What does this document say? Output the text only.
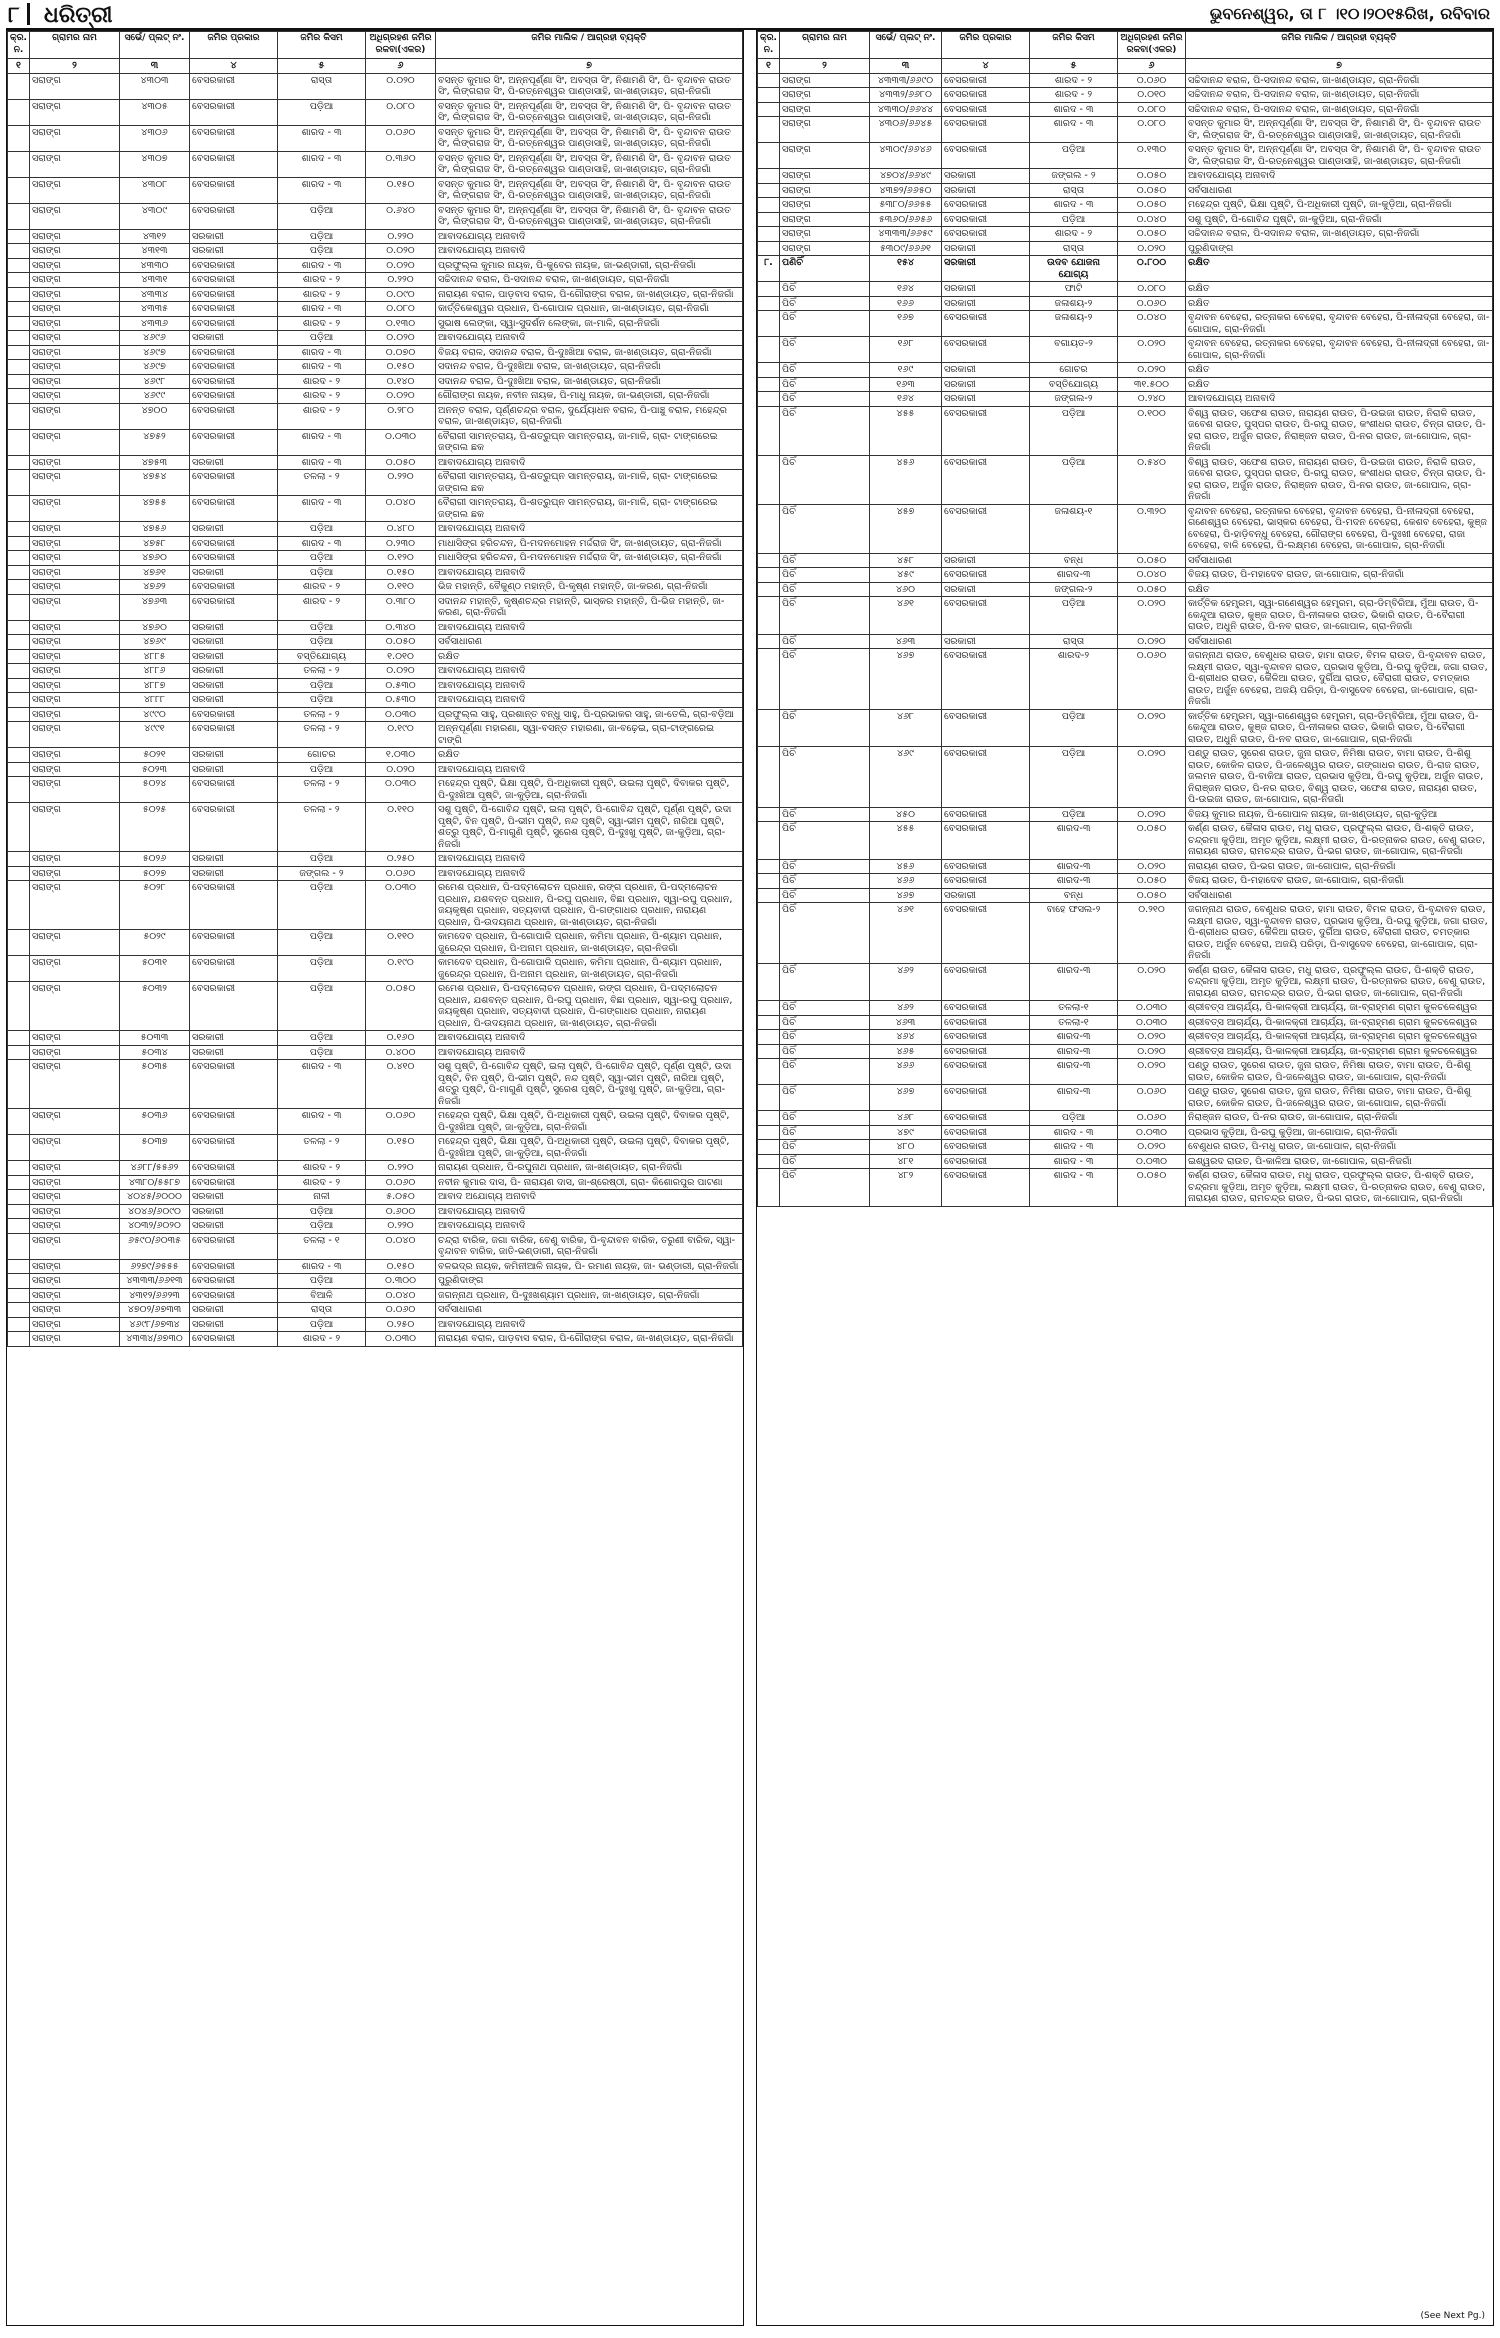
୮ ଧରିତ୍ରୀ	ଭୁବନେଶ୍ୱର, ତା ୮ ।୧୦।୨୦୧୫ରିଖ, ରବିବାର
କ୍ର. ନ.	ଗ୍ରାମର ନାମ	ସର୍ଭେ/ ପ୍ଲଟ୍ ନଂ.	ଜମିର ପ୍ରକାର	ଜମିର କିସମ	ଅଧିଗ୍ରହଣ ଜମିର ରକବା(ଏକର)	ଜମିର ମାଲିକ / ଆଗ୍ରହୀ ବ୍ୟକ୍ତି
୧	୨	୩	୪	୫	୬	୭
	ସରାଙ୍ଗ	୪୩୦୩	ବେସରକାରୀ	ରାସ୍ତା	୦.୦୨୦	ବସନ୍ତ କୁମାର ସିଂ, ଅନ୍ନପୂର୍ଣ୍ଣା ସିଂ, ଅବସ୍ତା ସିଂ, ନିଶାମଣି ସିଂ, ପି- ବୃନ୍ଦାବନ ରାଉତ ସିଂ, ଲିଙ୍ଗରାଜ ସିଂ, ପି-ରତ୍ନେଶ୍ୱର ପାଣ୍ଡାସାହି, ଜା-ଖଣ୍ଡାୟତ, ଗ୍ରା-ନିଜଗାଁ
	ସରାଙ୍ଗ	୪୩୦୫	ବେସରକାରୀ	ପଡ଼ିଆ	୦.୦୮୦	ବସନ୍ତ କୁମାର ସିଂ, ଅନ୍ନପୂର୍ଣ୍ଣା ସିଂ, ଅବସ୍ତା ସିଂ, ନିଶାମଣି ସିଂ, ପି- ବୃନ୍ଦାବନ ରାଉତ ସିଂ, ଲିଙ୍ଗରାଜ ସିଂ, ପି-ରତ୍ନେଶ୍ୱର ପାଣ୍ଡାସାହି, ଜା-ଖଣ୍ଡାୟତ, ଗ୍ରା-ନିଜଗାଁ
	ସରାଙ୍ଗ	୪୩୦୬	ବେସରକାରୀ	ଶାରଦ - ୩	୦.୦୬୦	ବସନ୍ତ କୁମାର ସିଂ, ଅନ୍ନପୂର୍ଣ୍ଣା ସିଂ, ଅବସ୍ତା ସିଂ, ନିଶାମଣି ସିଂ, ପି- ବୃନ୍ଦାବନ ରାଉତ ସିଂ, ଲିଙ୍ଗରାଜ ସିଂ, ପି-ରତ୍ନେଶ୍ୱର ପାଣ୍ଡାସାହି, ଜା-ଖଣ୍ଡାୟତ, ଗ୍ରା-ନିଜଗାଁ
	ସରାଙ୍ଗ	୪୩୦୭	ବେସରକାରୀ	ଶାରଦ - ୩	୦.୩୬୦	ବସନ୍ତ କୁମାର ସିଂ, ଅନ୍ନପୂର୍ଣ୍ଣା ସିଂ, ଅବସ୍ତା ସିଂ, ନିଶାମଣି ସିଂ, ପି- ବୃନ୍ଦାବନ ରାଉତ ସିଂ, ଲିଙ୍ଗରାଜ ସିଂ, ପି-ରତ୍ନେଶ୍ୱର ପାଣ୍ଡାସାହି, ଜା-ଖଣ୍ଡାୟତ, ଗ୍ରା-ନିଜଗାଁ
	ସରାଙ୍ଗ	୪୩୦୮	ବେସରକାରୀ	ଶାରଦ - ୩	୦.୧୫୦	ବସନ୍ତ କୁମାର ସିଂ, ଅନ୍ନପୂର୍ଣ୍ଣା ସିଂ, ଅବସ୍ତା ସିଂ, ନିଶାମଣି ସିଂ, ପି- ବୃନ୍ଦାବନ ରାଉତ ସିଂ, ଲିଙ୍ଗରାଜ ସିଂ, ପି-ରତ୍ନେଶ୍ୱର ପାଣ୍ଡାସାହି, ଜା-ଖଣ୍ଡାୟତ, ଗ୍ରା-ନିଜଗାଁ
	ସରାଙ୍ଗ	୪୩୦୯	ବେସରକାରୀ	ପଡ଼ିଆ	୦.୬୪୦	ବସନ୍ତ କୁମାର ସିଂ, ଅନ୍ନପୂର୍ଣ୍ଣା ସିଂ, ଅବସ୍ତା ସିଂ, ନିଶାମଣି ସିଂ, ପି- ବୃନ୍ଦାବନ ରାଉତ ସିଂ, ଲିଙ୍ଗରାଜ ସିଂ, ପି-ରତ୍ନେଶ୍ୱର ପାଣ୍ଡାସାହି, ଜା-ଖଣ୍ଡାୟତ, ଗ୍ରା-ନିଜଗାଁ
	ସରାଙ୍ଗ	୪୩୧୨	ସରକାରୀ	ପଡ଼ିଆ	୦.୨୨୦	ଆବାଦଯୋଗ୍ୟ ଅନାବାଦି
	ସରାଙ୍ଗ	୪୩୧୩	ସରକାରୀ	ପଡ଼ିଆ	୦.୦୨୦	ଆବାଦଯୋଗ୍ୟ ଅନାବାଦି
	ସରାଙ୍ଗ	୪୩୩୦	ବେସରକାରୀ	ଶାରଦ - ୩	୦.୦୨୦	ପ୍ରଫୁଲ୍ଲ କୁମାର ନାୟକ, ପି-କୁବେର ନାୟକ, ଜା-ଭଣ୍ଡାରୀ, ଗ୍ରା-ନିଜଗାଁ
	ସରାଙ୍ଗ	୪୩୩୧	ବେସରକାରୀ	ଶାରଦ - ୨	୦.୨୨୦	ସଚ୍ଚିଦାନନ୍ଦ ବରାଳ, ପି-ସଦାନନ୍ଦ ବରାଳ, ଜା-ଖଣ୍ଡାୟତ, ଗ୍ରା-ନିଜଗାଁ
	ସରାଙ୍ଗ	୪୩୩୪	ବେସରକାରୀ	ଶାରଦ - ୨	୦.୦୯୦	ନାରାୟଣ ବରାଳ, ପାଡ଼ବାସ ବରାଳ, ପି-ଗୌରାଙ୍ଗ ବରାଳ, ଜା-ଖଣ୍ଡାୟତ, ଗ୍ରା-ନିଜଗାଁ
	ସରାଙ୍ଗ	୪୩୩୫	ବେସରକାରୀ	ଶାରଦ - ୩	୦.୦୮୦	କାର୍ତ୍ତିକେଶ୍ୱର ପ୍ରଧାନ, ପି-ଗୋପାଳ ପ୍ରଧାନ, ଜା-ଖଣ୍ଡାୟତ, ଗ୍ରା-ନିଜଗାଁ
	ସରାଙ୍ଗ	୪୩୩୬	ବେସରକାରୀ	ଶାରଦ - ୨	୦.୧୩୦	ସୁଭାଷ ଲେଙ୍କା, ସ୍ୱା-ସୁଦର୍ଶନ ଲେଙ୍କା, ଜା-ମାଳି, ଗ୍ରା-ନିଜଗାଁ
	ସରାଙ୍ଗ	୪୬୯୬	ସରକାରୀ	ପଡ଼ିଆ	୦.୦୨୦	ଆବାଦଯୋଗ୍ୟ ଅନାବାଦି
	ସରାଙ୍ଗ	୪୬୯୭	ବେସରକାରୀ	ଶାରଦ - ୩	୦.୦୭୦	ବିଜୟ ବରାଳ, ସଦାନନ୍ଦ ବରାଳ, ପି-ଦୁଃଖିଆ ବରାଳ, ଜା-ଖଣ୍ଡାୟତ, ଗ୍ରା-ନିଜଗାଁ
	ସରାଙ୍ଗ	୪୬୯୭	ବେସରକାରୀ	ଶାରଦ - ୩	୦.୧୫୦	ସଦାନନ୍ଦ ବରାଳ, ପି-ଦୁଃଖିଆ ବରାଳ, ଜା-ଖଣ୍ଡାୟତ, ଗ୍ରା-ନିଜଗାଁ
	ସରାଙ୍ଗ	୪୬୯୮	ବେସରକାରୀ	ଶାରଦ - ୨	୦.୧୪୦	ସଦାନନ୍ଦ ବରାଳ, ପି-ଦୁଃଖିଆ ବରାଳ, ଜା-ଖଣ୍ଡାୟତ, ଗ୍ରା-ନିଜଗାଁ
	ସରାଙ୍ଗ	୪୬୯୯	ବେସରକାରୀ	ଶାରଦ - ୨	୦.୦୨୦	ଗୌରାଙ୍ଗ ନାୟକ, ନବୀନ ନାୟକ, ପି-ମାଧୁ ନାୟକ, ଜା-ଭଣ୍ଡାରୀ, ଗ୍ରା-ନିଜଗାଁ
	ସରାଙ୍ଗ	୪୭୦୦	ବେସରକାରୀ	ଶାରଦ - ୨	୦.୨୮୦	ଅନନ୍ତ ବରାଳ, ପୂର୍ଣ୍ଣଚନ୍ଦ୍ର ବରାଳ, ଦୁର୍ଯ୍ୟୋଧନ ବରାଳ, ପି-ପାଞ୍ଚୁ ବରାଳ, ମହେନ୍ଦ୍ର ବରାଳ, ଜା-ଖଣ୍ଡାୟତ, ଗ୍ରା-ନିଜଗାଁ
	ସରାଙ୍ଗ	୪୭୫୨	ବେସରକାରୀ	ଶାରଦ - ୩	୦.୦୩୦	ବୈରାଗୀ ସାମନ୍ତରାୟ, ପି-ଶତ୍ରୁଘ୍ନ ସାମନ୍ତରାୟ, ଜା-ମାଳି, ଗ୍ରା- ଟାଙ୍ଗରେଇ ଜଙ୍ଗଲ ଛକ
	ସରାଙ୍ଗ	୪୭୫୩	ସରକାରୀ	ଶାରଦ - ୩	୦.୦୫୦	ଆବାଦଯୋଗ୍ୟ ଅନାବାଦି
	ସରାଙ୍ଗ	୪୭୫୪	ବେସରକାରୀ	ତଳଲା - ୨	୦.୨୨୦	ବୈରାଗୀ ସାମନ୍ତରାୟ, ପି-ଶତ୍ରୁଘ୍ନ ସାମନ୍ତରାୟ, ଜା-ମାଳି, ଗ୍ରା- ଟାଙ୍ଗରେଇ ଜଙ୍ଗଲ ଛକ
	ସରାଙ୍ଗ	୪୭୫୫	ବେସରକାରୀ	ଶାରଦ - ୩	୦.୦୪୦	ବୈରାଗୀ ସାମନ୍ତରାୟ, ପି-ଶତ୍ରୁଘ୍ନ ସାମନ୍ତରାୟ, ଜା-ମାଳି, ଗ୍ରା- ଟାଙ୍ଗରେଇ ଜଙ୍ଗଲ ଛକ
	ସରାଙ୍ଗ	୪୭୫୬	ସରକାରୀ	ପଡ଼ିଆ	୦.୪୮୦	ଆବାଦଯୋଗ୍ୟ ଅନାବାଦି
	ସରାଙ୍ଗ	୪୭୫୮	ବେସରକାରୀ	ଶାରଦ - ୩	୦.୨୩୦	ମାଧାସିଙ୍ଗ ହରିଚନ୍ଦନ, ପି-ମଦନମୋହନ ମର୍ଦ୍ଦରାଜ ସିଂ, ଜା-ଖଣ୍ଡାୟତ, ଗ୍ରା-ନିଜଗାଁ
	ସରାଙ୍ଗ	୪୭୬୦	ବେସରକାରୀ	ପଡ଼ିଆ	୦.୧୨୦	ମାଧାସିଙ୍ଗ ହରିଚନ୍ଦନ, ପି-ମଦନମୋହନ ମର୍ଦ୍ଦରାଜ ସିଂ, ଜା-ଖଣ୍ଡାୟତ, ଗ୍ରା-ନିଜଗାଁ
	ସରାଙ୍ଗ	୪୭୬୧	ସରକାରୀ	ପଡ଼ିଆ	୦.୧୫୦	ଆବାଦଯୋଗ୍ୟ ଅନାବାଦି
	ସରାଙ୍ଗ	୪୭୬୨	ବେସରକାରୀ	ଶାରଦ - ୨	୦.୧୧୦	ଭିଜ ମହାନ୍ତି, ବୈକୁଣ୍ଠ ମହାନ୍ତି, ପି-କୃଷ୍ଣ ମହାନ୍ତି, ଜା-କରଣ, ଗ୍ରା-ନିଜଗାଁ
	ସରାଙ୍ଗ	୪୭୬୩	ବେସରକାରୀ	ଶାରଦ - ୨	୦.୩୮୦	ସଦାନନ୍ଦ ମହାନ୍ତି, କୃଷ୍ଣଚନ୍ଦ୍ର ମହାନ୍ତି, ଭାସ୍କର ମହାନ୍ତି, ପି-ଭିଜ ମହାନ୍ତି, ଜା-କରଣ, ଗ୍ରା-ନିଜଗାଁ
	ସରାଙ୍ଗ	୪୭୬୦	ସରକାରୀ	ପଡ଼ିଆ	୦.୩୪୦	ଆବାଦଯୋଗ୍ୟ ଅନାବାଦି
	ସରାଙ୍ଗ	୪୭୬୯	ସରକାରୀ	ପଡ଼ିଆ	୦.୦୫୦	ସର୍ବସାଧାରଣ
	ସରାଙ୍ଗ	୪୮୮୫	ସରକାରୀ	ବସ୍ତିଯୋଗ୍ୟ	୧.୦୧୦	ରକ୍ଷିତ
	ସରାଙ୍ଗ	୪୮୮୬	ସରକାରୀ	ତଳଲା - ୨	୦.୦୨୦	ଆବାଦଯୋଗ୍ୟ ଅନାବାଦି
	ସରାଙ୍ଗ	୪୮୮୭	ସରକାରୀ	ପଡ଼ିଆ	୦.୫୩୦	ଆବାଦଯୋଗ୍ୟ ଅନାବାଦି
	ସରାଙ୍ଗ	୪୮୮୮	ସରକାରୀ	ପଡ଼ିଆ	୦.୫୩୦	ଆବାଦଯୋଗ୍ୟ ଅନାବାଦି
	ସରାଙ୍ଗ	୪୯୯୦	ବେସରକାରୀ	ତଳଲା - ୨	୦.୦୩୦	ପ୍ରଫୁଲ୍ଲ ସାହୁ, ପ୍ରଶାନ୍ତ ବନ୍ଧୁ ସାହୁ, ପି-ପ୍ରଭାକର ସାହୁ, ଜା-ତେଲି, ଗ୍ରା-ବଡ଼ିଆ
	ସରାଙ୍ଗ	୪୯୯୧	ବେସରକାରୀ	ତଳଲା - ୨	୦.୧୯୦	ଅନ୍ନପୂର୍ଣ୍ଣା ମହାରଣା, ସ୍ୱା-ବସନ୍ତ ମହାରଣା, ଜା-ବଢ଼େଇ, ଗ୍ରା-ଟାଙ୍ଗରେଇ ଟାଙ୍ଗି
	ସରାଙ୍ଗ	୫୦୨୧	ସରକାରୀ	ଗୋଚର	୧.୦୩୦	ରକ୍ଷିତ
	ସରାଙ୍ଗ	୫୦୨୩	ସରକାରୀ	ପଡ଼ିଆ	୦.୦୨୦	ଆବାଦଯୋଗ୍ୟ ଅନାବାଦି
	ସରାଙ୍ଗ	୫୦୨୪	ବେସରକାରୀ	ତଳଲା - ୨	୦.୦୩୦	ମହେନ୍ଦ୍ର ପୃଷ୍ଟି, ଭିକ୍ଷା ପୃଷ୍ଟି, ପି-ଅଧିକାରୀ ପୃଷ୍ଟି, ଉଇଲା ପୃଷ୍ଟି, ଦିବାକର ପୃଷ୍ଟି, ପି-ଦୁଃଖିଆ ପୃଷ୍ଟି, ଜା-କୁଡ଼ିଆ, ଗ୍ରା-ନିଜଗାଁ
	ସରାଙ୍ଗ	୫୦୨୫	ବେସରକାରୀ	ତଳଲା - ୨	୦.୧୧୦	ସଶୁ ପୃଷ୍ଟି, ପି-ଗୋବିନ୍ଦ ପୃଷ୍ଟି, ଇଲା ପୃଷ୍ଟି, ପି-ଗୋବିନ୍ଦ ପୃଷ୍ଟି, ପୂର୍ଣ୍ଣ ପୃଷ୍ଟି, ଉଦା ପୃଷ୍ଟି, ବିନ ପୃଷ୍ଟି, ପି-ଭୀମ ପୃଷ୍ଟି, ନନ୍ଦ ପୃଷ୍ଟି, ସ୍ୱା-ଭୀମ ପୃଷ୍ଟି, ନାରିଆ ପୃଷ୍ଟି, ଶତ୍ରୁ ପୃଷ୍ଟି, ପି-ମାଗୁଣି ପୃଷ୍ଟି, ସୁରେଶ ପୃଷ୍ଟି, ପି-ଦୁଃଖୁ ପୃଷ୍ଟି, ଜା-କୁଡ଼ିଆ, ଗ୍ରା-ନିଜଗାଁ
	ସରାଙ୍ଗ	୫୦୨୬	ସରକାରୀ	ପଡ଼ିଆ	୦.୨୫୦	ଆବାଦଯୋଗ୍ୟ ଅନାବାଦି
	ସରାଙ୍ଗ	୫୦୨୭	ସରକାରୀ	ଜଙ୍ଗଲ - ୨	୦.୦୬୦	ଆବାଦଯୋଗ୍ୟ ଅନାବାଦି
	ସରାଙ୍ଗ	୫୦୨୮	ବେସରକାରୀ	ପଡ଼ିଆ	୦.୦୩୦	ରମେଶ ପ୍ରଧାନ, ପି-ପଦ୍ମଲୋଚନ ପ୍ରଧାନ, ରଙ୍ଗ ପ୍ରଧାନ, ପି-ପଦ୍ମଲୋଚନ ପ୍ରଧାନ, ଯଶବନ୍ତ ପ୍ରଧାନ, ପି-ରଘୁ ପ୍ରଧାନ, ବିଛା ପ୍ରଧାନ, ସ୍ୱା-ରଘୁ ପ୍ରଧାନ, ଜୟକୃଷ୍ଣ ପ୍ରଧାନ, ସତ୍ୟବାଦୀ ପ୍ରଧାନ, ପି-ଗଙ୍ଗାଧର ପ୍ରଧାନ, ନାରାୟଣ ପ୍ରଧାନ, ପି-ଉଦୟନାଥ ପ୍ରଧାନ, ଜା-ଖଣ୍ଡାୟତ, ଗ୍ରା-ନିଜଗାଁ
	ସରାଙ୍ଗ	୫୦୨୯	ବେସରକାରୀ	ପଡ଼ିଆ	୦.୧୧୦	କାମଦେବ ପ୍ରଧାନ, ପି-ଗୋପାଳି ପ୍ରଧାନ, କମିମା ପ୍ରଧାନ, ପି-ଶ୍ୟାମ ପ୍ରଧାନ, ଜୁରେନ୍ଦ୍ର ପ୍ରଧାନ, ପି-ଅନାମ ପ୍ରଧାନ, ଜା-ଖଣ୍ଡାୟତ, ଗ୍ରା-ନିଜଗାଁ
	ସରାଙ୍ଗ	୫୦୩୧	ବେସରକାରୀ	ପଡ଼ିଆ	୦.୧୯୦	କାମଦେବ ପ୍ରଧାନ, ପି-ଗୋପାଳି ପ୍ରଧାନ, କମିମା ପ୍ରଧାନ, ପି-ଶ୍ୟାମ ପ୍ରଧାନ, ଜୁରେନ୍ଦ୍ର ପ୍ରଧାନ, ପି-ଅନାମ ପ୍ରଧାନ, ଜା-ଖଣ୍ଡାୟତ, ଗ୍ରା-ନିଜଗାଁ
	ସରାଙ୍ଗ	୫୦୩୨	ବେସରକାରୀ	ପଡ଼ିଆ	୦.୦୫୦	ରମେଶ ପ୍ରଧାନ, ପି-ପଦ୍ମଲୋଚନ ପ୍ରଧାନ, ରଙ୍ଗ ପ୍ରଧାନ, ପି-ପଦ୍ମଲୋଚନ ପ୍ରଧାନ, ଯଶବନ୍ତ ପ୍ରଧାନ, ପି-ରଘୁ ପ୍ରଧାନ, ବିଛା ପ୍ରଧାନ, ସ୍ୱା-ରଘୁ ପ୍ରଧାନ, ଜୟକୃଷ୍ଣ ପ୍ରଧାନ, ସତ୍ୟବାଦୀ ପ୍ରଧାନ, ପି-ଗଙ୍ଗାଧର ପ୍ରଧାନ, ନାରାୟଣ ପ୍ରଧାନ, ପି-ଉଦୟନାଥ ପ୍ରଧାନ, ଜା-ଖଣ୍ଡାୟତ, ଗ୍ରା-ନିଜଗାଁ
	ସରାଙ୍ଗ	୫୦୩୩	ସରକାରୀ	ପଡ଼ିଆ	୦.୧୬୦	ଆବାଦଯୋଗ୍ୟ ଅନାବାଦି
	ସରାଙ୍ଗ	୫୦୩୪	ସରକାରୀ	ପଡ଼ିଆ	୦.୪୦୦	ଆବାଦଯୋଗ୍ୟ ଅନାବାଦି
	ସରାଙ୍ଗ	୫୦୩୫	ବେସରକାରୀ	ଶାରଦ - ୩	୦.୪୧୦	ସଶୁ ପୃଷ୍ଟି, ପି-ଗୋବିନ୍ଦ ପୃଷ୍ଟି, ଇଲା ପୃଷ୍ଟି, ପି-ଗୋବିନ୍ଦ ପୃଷ୍ଟି, ପୂର୍ଣ୍ଣ ପୃଷ୍ଟି, ଉଦା ପୃଷ୍ଟି, ବିନ ପୃଷ୍ଟି, ପି-ଭୀମ ପୃଷ୍ଟି, ନନ୍ଦ ପୃଷ୍ଟି, ସ୍ୱା-ଭୀମ ପୃଷ୍ଟି, ନାରିଆ ପୃଷ୍ଟି, ଶତ୍ରୁ ପୃଷ୍ଟି, ପି-ମାଗୁଣି ପୃଷ୍ଟି, ସୁରେଶ ପୃଷ୍ଟି, ପି-ଦୁଃଖୁ ପୃଷ୍ଟି, ଜା-କୁଡ଼ିଆ, ଗ୍ରା-ନିଜଗାଁ
	ସରାଙ୍ଗ	୫୦୩୬	ବେସରକାରୀ	ଶାରଦ - ୩	୦.୦୬୦	ମହେନ୍ଦ୍ର ପୃଷ୍ଟି, ଭିକ୍ଷା ପୃଷ୍ଟି, ପି-ଅଧିକାରୀ ପୃଷ୍ଟି, ଉଇଲା ପୃଷ୍ଟି, ଦିବାକର ପୃଷ୍ଟି, ପି-ଦୁଃଖିଆ ପୃଷ୍ଟି, ଜା-କୁଡ଼ିଆ, ଗ୍ରା-ନିଜଗାଁ
	ସରାଙ୍ଗ	୫୦୩୭	ବେସରକାରୀ	ତଳଲା - ୨	୦.୧୫୦	ମହେନ୍ଦ୍ର ପୃଷ୍ଟି, ଭିକ୍ଷା ପୃଷ୍ଟି, ପି-ଅଧିକାରୀ ପୃଷ୍ଟି, ଉଇଲା ପୃଷ୍ଟି, ଦିବାକର ପୃଷ୍ଟି, ପି-ଦୁଃଖିଆ ପୃଷ୍ଟି, ଜା-କୁଡ଼ିଆ, ଗ୍ରା-ନିଜଗାଁ
	ସରାଙ୍ଗ	୪୬୮୮/୫୫୬୨	ବେସରକାରୀ	ଶାରଦ - ୨	୦.୨୨୦	ନାରାୟଣ ପ୍ରଧାନ, ପି-ରଘୁନାଥ ପ୍ରଧାନ, ଜା-ଖଣ୍ଡାୟତ, ଗ୍ରା-ନିଜଗାଁ
	ସରାଙ୍ଗ	୪୩୮୦/୫୫୮୭	ବେସରକାରୀ	ଶାରଦ - ୨	୦.୦୬୦	ନବୀନ କୁମାର ଦାସ, ପି- ନାରାୟଣ ଦାସ, ଜା-ଶ୍ରେଷ୍ଠୀ, ଗ୍ରା- କିଶୋରପୁର ପାଟଣା
	ସରାଙ୍ଗ	୪୦୪୫/୬୦୦୦	ସରକାରୀ	ନାଳୀ	୫.୦୫୦	ଆବାଦ ଅଯୋଗ୍ୟ ଅନାବାଦି
	ସରାଙ୍ଗ	୪୦୪୬/୬୦୯୦	ସରକାରୀ	ପଡ଼ିଆ	୦.୬୦୦	ଆବାଦଯୋଗ୍ୟ ଅନାବାଦି
	ସରାଙ୍ଗ	୪୦୩୨/୬୦୨୦	ସରକାରୀ	ପଡ଼ିଆ	୦.୨୨୦	ଆବାଦଯୋଗ୍ୟ ଅନାବାଦି
	ସରାଙ୍ଗ	୬୫୯୦/୬୦୩୫	ବେସରକାରୀ	ତଳଲା - ୧	୦.୦୪୦	ଚନ୍ଦ୍ରା ବାରିକ, ଜଗା ବାରିକ, ବେଣୁ ବାରିକ, ପି-ବୃନ୍ଦାବନ ବାରିକ, ତରୁଣୀ ବାରିକ, ସ୍ୱା-ବୃନ୍ଦାବନ ବାରିକ, ଜାତି-ଭଣ୍ଡାରୀ, ଗ୍ରା-ନିଜଗାଁ
	ସରାଙ୍ଗ	୬୨୭୯/୬୫୫୫	ବେସରକାରୀ	ଶାରଦ - ୩	୦.୧୫୦	ବଳଭଦ୍ର ନାୟକ, କମିନୀଆଳି ନାୟକ, ପି- ରମାଣ ନାୟକ, ଜା- ଭଣ୍ଡାରୀ, ଗ୍ରା-ନିଜଗାଁ
	ସରାଙ୍ଗ	୪୩୩୩/୬୬୧୩	ବେସରକାରୀ	ପଡ଼ିଆ	୦.୩୦୦	ପୁରୁଣିଦାଙ୍ଗ
	ସରାଙ୍ଗ	୪୩୧୨/୬୬୨୩	ବେସରକାରୀ	ବିଆଳି	୦.୦୪୦	ଜଗନ୍ନାଥ ପ୍ରଧାନ, ପି-ଦୁଃଖଶ୍ୟାମ ପ୍ରଧାନ, ଜା-ଖଣ୍ଡାୟତ, ଗ୍ରା-ନିଜଗାଁ
	ସରାଙ୍ଗ	୪୭୦୨/୬୭୩୩	ସରକାରୀ	ରାସ୍ତା	୦.୦୬୦	ସର୍ବସାଧାରଣ
	ସରାଙ୍ଗ	୪୬୯୮/୬୭୩୪	ସରକାରୀ	ପଡ଼ିଆ	୦.୨୫୦	ଆବାଦଯୋଗ୍ୟ ଅନାବାଦି
	ସରାଙ୍ଗ	୪୩୩୪/୬୭୩୦	ବେସରକାରୀ	ଶାରଦ - ୨	୦.୦୩୦	ନାରାୟଣ ବରାଳ, ପାଡ଼ବାସ ବରାଳ, ପି-ଗୌରାଙ୍ଗ ବରାଳ, ଜା-ଖଣ୍ଡାୟତ, ଗ୍ରା-ନିଜଗାଁ
କ୍ର. ନ.	ଗ୍ରାମର ନାମ	ସର୍ଭେ/ ପ୍ଲଟ୍ ନଂ.	ଜମିର ପ୍ରକାର	ଜମିର କିସମ	ଅଧିଗ୍ରହଣ ଜମିର ରକବା(ଏକର)	ଜମିର ମାଲିକ / ଆଗ୍ରହୀ ବ୍ୟକ୍ତି
୧	୨	୩	୪	୫	୬	୭
	ସରାଙ୍ଗ	୪୩୩୩/୬୬୯୦	ବେସରକାରୀ	ଶାରଦ - ୨	୦.୦୬୦	ସଚ୍ଚିଦାନନ୍ଦ ବରାଳ, ପି-ସଦାନନ୍ଦ ବରାଳ, ଜା-ଖଣ୍ଡାୟତ, ଗ୍ରା-ନିଜଗାଁ
	ସରାଙ୍ଗ	୪୩୩୨/୬୬୮୦	ବେସରକାରୀ	ଶାରଦ - ୨	୦.୦୧୦	ସଚ୍ଚିଦାନନ୍ଦ ବରାଳ, ପି-ସଦାନନ୍ଦ ବରାଳ, ଜା-ଖଣ୍ଡାୟତ, ଗ୍ରା-ନିଜଗାଁ
	ସରାଙ୍ଗ	୪୩୩୦/୬୬୪୪	ବେସରକାରୀ	ଶାରଦ - ୩	୦.୦୮୦	ସଚ୍ଚିଦାନନ୍ଦ ବରାଳ, ପି-ସଦାନନ୍ଦ ବରାଳ, ଜା-ଖଣ୍ଡାୟତ, ଗ୍ରା-ନିଜଗାଁ
	ସରାଙ୍ଗ	୪୩୦୬/୬୬୪୫	ବେସରକାରୀ	ଶାରଦ - ୩	୦.୦୮୦	ବସନ୍ତ କୁମାର ସିଂ, ଅନ୍ନପୂର୍ଣ୍ଣା ସିଂ, ଅବସ୍ତା ସିଂ, ନିଶାମଣି ସିଂ, ପି- ବୃନ୍ଦାବନ ରାଉତ ସିଂ, ଲିଙ୍ଗରାଜ ସିଂ, ପି-ରତ୍ନେଶ୍ୱର ପାଣ୍ଡାସାହି, ଜା-ଖଣ୍ଡାୟତ, ଗ୍ରା-ନିଜଗାଁ
	ସରାଙ୍ଗ	୪୩୦୯/୬୬୪୬	ବେସରକାରୀ	ପଡ଼ିଆ	୦.୧୩୦	ବସନ୍ତ କୁମାର ସିଂ, ଅନ୍ନପୂର୍ଣ୍ଣା ସିଂ, ଅବସ୍ତା ସିଂ, ନିଶାମଣି ସିଂ, ପି- ବୃନ୍ଦାବନ ରାଉତ ସିଂ, ଲିଙ୍ଗରାଜ ସିଂ, ପି-ରତ୍ନେଶ୍ୱର ପାଣ୍ଡାସାହି, ଜା-ଖଣ୍ଡାୟତ, ଗ୍ରା-ନିଜଗାଁ
	ସରାଙ୍ଗ	୪୭୦୪/୬୬୪୯	ସରକାରୀ	ଜଙ୍ଗଲ - ୨	୦.୦୫୦	ଆବାଦଯୋଗ୍ୟ ଅନାବାଦି
	ସରାଙ୍ଗ	୪୩୭୨/୬୬୫୦	ସରକାରୀ	ରାସ୍ତା	୦.୦୫୦	ସର୍ବସାଧାରଣ
	ସରାଙ୍ଗ	୫୩୮୦/୬୬୫୫	ବେସରକାରୀ	ଶାରଦ - ୩	୦.୦୫୦	ମହେନ୍ଦ୍ର ପୃଷ୍ଟି, ଭିକ୍ଷା ପୃଷ୍ଟି, ପି-ଅଧିକାରୀ ପୃଷ୍ଟି, ଜା-କୁଡ଼ିଆ, ଗ୍ରା-ନିଜଗାଁ
	ସରାଙ୍ଗ	୫୩୬୦/୬୬୫୬	ବେସରକାରୀ	ପଡ଼ିଆ	୦.୦୪୦	ସଶୁ ପୃଷ୍ଟି, ପି-ଗୋବିନ୍ଦ ପୃଷ୍ଟି, ଜା-କୁଡ଼ିଆ, ଗ୍ରା-ନିଜଗାଁ
	ସରାଙ୍ଗ	୪୩୩୩/୬୬୫୯	ବେସରକାରୀ	ଶାରଦ - ୨	୦.୦୫୦	ସଚ୍ଚିଦାନନ୍ଦ ବରାଳ, ପି-ସଦାନନ୍ଦ ବରାଳ, ଜା-ଖଣ୍ଡାୟତ, ଗ୍ରା-ନିଜଗାଁ
	ସରାଙ୍ଗ	୫୩୦୯/୬୬୬୧	ସରକାରୀ	ରାସ୍ତା	୦.୦୨୦	ପୁରୁଣିଦାଙ୍ଗ
୮.	ପଣିଚିଁ	୧୫୪	ସରକାରୀ	ଉଦବ ଯୋଜନା ଯୋଗ୍ୟ	୦.୮୦୦	ରକ୍ଷିତ
	ପିଚିଁ	୧୬୪	ସରକାରୀ	ଫାଟି	୦.୦୮୦	ରକ୍ଷିତ
	ପିଚିଁ	୧୬୬	ସରକାରୀ	ଜଳାଶୟ-୨	୦.୦୬୦	ରକ୍ଷିତ
	ପିଚିଁ	୧୬୭	ବେସରକାରୀ	ଜଳାଶୟ-୨	୦.୦୪୦	ବୃନ୍ଦାବନ ବେହେରା, ରତ୍ନାକର ବେହେରା, ବୃନ୍ଦାବନ ବେହେରା, ପି-ନୀଳାଦ୍ରୀ ବେହେରା, ଜା-ଗୋପାଳ, ଗ୍ରା-ନିଜଗାଁ
	ପିଚିଁ	୧୬୮	ବେସରକାରୀ	ବଗାୟତ-୨	୦.୦୨୦	ବୃନ୍ଦାବନ ବେହେରା, ରତ୍ନାକର ବେହେରା, ବୃନ୍ଦାବନ ବେହେରା, ପି-ନୀଳାଦ୍ରୀ ବେହେରା, ଜା-ଗୋପାଳ, ଗ୍ରା-ନିଜଗାଁ
	ପିଚିଁ	୧୬୯	ସରକାରୀ	ଗୋଚର	୦.୦୨୦	ରକ୍ଷିତ
	ପିଚିଁ	୧୬୩	ସରକାରୀ	ବସ୍ତିଯୋଗ୍ୟ	୩୧.୫୦୦	ରକ୍ଷିତ
	ପିଚିଁ	୧୬୪	ସରକାରୀ	ଜଙ୍ଗଲ-୨	୦.୨୪୦	ଆବାଦଯୋଗ୍ୟ ଅନାବାଦି
	ପିଚିଁ	୪୫୫	ବେସରକାରୀ	ପଡ଼ିଆ	୦.୧୦୦	ବିଶ୍ୱ ରାଉତ, ସଫେଶ ରାଉତ, ନାରାୟଣ ରାଉତ, ପି-ଉଇଜା ରାଉତ, ନିରାଳି ରାଉତ, ଜବେଶ ରାଉତ, ପୁସ୍ପର ରାଉତ, ପି-ରଘୁ ରାଉତ, କଂଶୀଧର ରାଉତ, ଚିନ୍ତା ରାଉତ, ପି-ହରା ରାଉତ, ଅର୍ଜୁନ ରାଉତ, ନିରାଞ୍ଜନ ରାଉତ, ପି-ନର ରାଉତ, ଜା-ଗୋପାଳ, ଗ୍ରା-ନିଜଗାଁ
	ପିଚିଁ	୪୫୬	ବେସରକାରୀ	ପଡ଼ିଆ	୦.୫୪୦	ବିଶ୍ୱ ରାଉତ, ସଫେଶ ରାଉତ, ନାରାୟଣ ରାଉତ, ପି-ଉଇଜା ରାଉତ, ନିରାଳି ରାଉତ, ଜବେଶ ରାଉତ, ପୁସ୍ପର ରାଉତ, ପି-ରଘୁ ରାଉତ, କଂଶୀଧର ରାଉତ, ଚିନ୍ତା ରାଉତ, ପି-ହରା ରାଉତ, ଅର୍ଜୁନ ରାଉତ, ନିରାଞ୍ଜନ ରାଉତ, ପି-ନର ରାଉତ, ଜା-ଗୋପାଳ, ଗ୍ରା-ନିଜଗାଁ
	ପିଚିଁ	୪୫୭	ବେସରକାରୀ	ଜଳାଶୟ-୧	୦.୩୨୦	ବୃନ୍ଦାବନ ବେହେରା, ରତ୍ନାକର ବେହେରା, ବୃନ୍ଦାବନ ବେହେରା, ପି-ନୀଳାଦ୍ରୀ ବେହେରା, ଗଣେଶ୍ୱର ବେହେରା, ଭାସ୍କର ବେହେରା, ପି-ମଦନ ବେହେରା, କେଶବ ବେହେରା, କୁଞ୍ଜ ବେହେରା, ପି-ହାଡ଼ିବନ୍ଧୁ ବେହେରା, ଗୌରାଙ୍ଗ ବେହେରା, ପି-ଦୁଃଖୀ ବେହେରା, ରାଜା ବେହେରା, ବାଳି ବେହେରା, ପି-ଲକ୍ଷ୍ମଣ ବେହେରା, ଜା-ଗୋପାଳ, ଗ୍ରା-ନିଜଗାଁ
	ପିଚିଁ	୪୫୮	ସରକାରୀ	ବନ୍ଧ	୦.୦୫୦	ସର୍ବସାଧାରଣ
	ପିଚିଁ	୪୫୯	ବେସରକାରୀ	ଶାରଦ-୩	୦.୦୪୦	ବିଜୟ ରାଉତ, ପି-ମହାଦେବ ରାଉତ, ଜା-ଗୋପାଳ, ଗ୍ରା-ନିଜଗାଁ
	ପିଚିଁ	୪୬୦	ସରକାରୀ	ଜଙ୍ଗଲ-୨	୦.୦୫୦	ରକ୍ଷିତ
	ପିଚିଁ	୪୬୧	ବେସରକାରୀ	ପଡ଼ିଆ	୦.୦୨୦	କାର୍ତ୍ତିକ ହେମ୍ବ୍ରମ, ସ୍ୱା-ଗଣେଶ୍ୱର ହେମ୍ବ୍ରମ, ଗ୍ରା-ଡିମ୍ବିରିଆ, ମୁଁଆ ରାଉତ, ପି-କେନ୍ଦୁଆ ରାଉତ, କୁଞ୍ଜ ରାଉତ, ପି-ନୀଳାକର ରାଉତ, ଭିକାରି ରାଉତ, ପି-ବୈରାଗୀ ରାଉତ, ଅଧୁନି ରାଉତ, ପି-ନବ ରାଉତ, ଜା-ଗୋପାଳ, ଗ୍ରା-ନିଜଗାଁ
	ପିଚିଁ	୪୬୩	ସରକାରୀ	ରାସ୍ତା	୦.୦୨୦	ସର୍ବସାଧାରଣ
	ପିଚିଁ	୪୬୭	ବେସରକାରୀ	ଶାରଦ-୨	୦.୦୬୦	ଜଗନ୍ନାଥ ରାଉତ, ବେଣୁଧର ରାଉତ, ହାମା ରାଉତ, ବିମଳ ରାଉତ, ପି-ବୃନ୍ଦାବନ ରାଉତ, ଲକ୍ଷ୍ମୀ ରାଉତ, ସ୍ୱା-ବୃନ୍ଦାବନ ରାଉତ, ପ୍ରଭାସ କୁଡ଼ିଆ, ପି-ରଘୁ କୁଡ଼ିଆ, ଜଗା ରାଉତ, ପି-ଶ୍ରୀଧର ରାଉତ, କୈଳିଆ ରାଉତ, ଦୁର୍ଗିଆ ରାଉତ, ବୈରାଗୀ ରାଉତ, ଚମତ୍କାର ରାଉତ, ଅର୍ଜୁନ ବେହେରା, ଅଜୟି ପରିଡ଼ା, ପି-ବାସୁଦେବ ବେହେରା, ଜା-ଗୋପାଳ, ଗ୍ରା-ନିଜଗାଁ
	ପିଚିଁ	୪୬୮	ବେସରକାରୀ	ପଡ଼ିଆ	୦.୦୨୦	କାର୍ତ୍ତିକ ହେମ୍ବ୍ରମ, ସ୍ୱା-ଗଣେଶ୍ୱର ହେମ୍ବ୍ରମ, ଗ୍ରା-ଡିମ୍ବିରିଆ, ମୁଁଆ ରାଉତ, ପି-କେନ୍ଦୁଆ ରାଉତ, କୁଞ୍ଜ ରାଉତ, ପି-ନୀଳାକର ରାଉତ, ଭିକାରି ରାଉତ, ପି-ବୈରାଗୀ ରାଉତ, ଅଧୁନି ରାଉତ, ପି-ନବ ରାଉତ, ଜା-ଗୋପାଳ, ଗ୍ରା-ନିଜଗାଁ
	ପିଚିଁ	୪୬୯	ବେସରକାରୀ	ପଡ଼ିଆ	୦.୦୨୦	ପଣ୍ଡୁ ରାଉତ, ସୁରେଶ ରାଉତ, ଜୁନା ରାଉତ, ନିମିଷା ରାଉତ, ବାମା ରାଉତ, ପି-ଶିଶୁ ରାଉତ, କୋକିଳ ରାଉତ, ପି-ଜଳେଶ୍ୱର ରାଉତ, ଗଙ୍ଗାଧର ରାଉତ, ପି-ରାଜ ରାଉତ, ଜଲମନ ରାଉତ, ପି-ବାକିଆ ରାଉତ, ପ୍ରଭାସ କୁଡ଼ିଆ, ପି-ରଘୁ କୁଡ଼ିଆ, ଅର୍ଜୁନ ରାଉତ, ନିରାଞ୍ଜନ ରାଉତ, ପି-ନର ରାଉତ, ବିଶ୍ୱ ରାଉତ, ସଫେଶ ରାଉତ, ନାରାୟଣ ରାଉତ, ପି-ଉଇଜା ରାଉତ, ଜା-ଗୋପାଳ, ଗ୍ରା-ନିଜଗାଁ
	ପିଚିଁ	୪୫୦	ବେସରକାରୀ	ପଡ଼ିଆ	୦.୦୨୦	ବିଜୟ କୁମାର ନାୟକ, ପି-ଗୋପାଳ ନାୟକ, ଜା-ଖଣ୍ଡାୟତ, ଗ୍ରା-କୁଡ଼ିଆ
	ପିଚିଁ	୪୫୫	ବେସରକାରୀ	ଶାରଦ-୩	୦.୦୫୦	କର୍ଣ୍ଣ ରାଉତ, କୈଳାସ ରାଉତ, ମଧୁ ରାଉତ, ପ୍ରଫୁଲ୍ଲ ରାଉତ, ପି-ଶକ୍ତି ରାଉତ, ଚନ୍ଦ୍ରମା କୁଡ଼ିଆ, ଅମୃତ କୁଡ଼ିଆ, ଲକ୍ଷ୍ମୀ ରାଉତ, ପି-ରତ୍ନାକର ରାଉତ, ବେଣୁ ରାଉତ, ନାରାୟଣ ରାଉତ, ରାମଚନ୍ଦ୍ର ରାଉତ, ପି-ଭଗ ରାଉତ, ଜା-ଗୋପାଳ, ଗ୍ରା-ନିଜଗାଁ
	ପିଚିଁ	୪୫୬	ବେସରକାରୀ	ଶାରଦ-୩	୦.୦୨୦	ନାରାୟଣ ରାଉତ, ପି-ଭଗ ରାଉତ, ଜା-ଗୋପାଳ, ଗ୍ରା-ନିଜଗାଁ
	ପିଚିଁ	୪୬୬	ବେସରକାରୀ	ଶାରଦ-୩	୦.୦୫୦	ବିଜୟ ରାଉତ, ପି-ମହାଦେବ ରାଉତ, ଜା-ଗୋପାଳ, ଗ୍ରା-ନିଜଗାଁ
	ପିଚିଁ	୪୬୭	ସରକାରୀ	ବନ୍ଧ	୦.୦୫୦	ସର୍ବସାଧାରଣ
	ପିଚିଁ	୪୬୧	ବେସରକାରୀ	ବାହେ ଫସଲ-୨	୦.୨୧୦	ଜଗନ୍ନାଥ ରାଉତ, ବେଣୁଧର ରାଉତ, ହାମା ରାଉତ, ବିମଳ ରାଉତ, ପି-ବୃନ୍ଦାବନ ରାଉତ, ଲକ୍ଷ୍ମୀ ରାଉତ, ସ୍ୱା-ବୃନ୍ଦାବନ ରାଉତ, ପ୍ରଭାସ କୁଡ଼ିଆ, ପି-ରଘୁ କୁଡ଼ିଆ, ଜଗା ରାଉତ, ପି-ଶ୍ରୀଧର ରାଉତ, କୈଳିଆ ରାଉତ, ଦୁର୍ଗିଆ ରାଉତ, ବୈରାଗୀ ରାଉତ, ଚମତ୍କାର ରାଉତ, ଅର୍ଜୁନ ବେହେରା, ଅଜୟି ପରିଡ଼ା, ପି-ବାସୁଦେବ ବେହେରା, ଜା-ଗୋପାଳ, ଗ୍ରା-ନିଜଗାଁ
	ପିଚିଁ	୪୬୨	ବେସରକାରୀ	ଶାରଦ-୩	୦.୦୨୦	କର୍ଣ୍ଣ ରାଉତ, କୈଳାସ ରାଉତ, ମଧୁ ରାଉତ, ପ୍ରଫୁଲ୍ଲ ରାଉତ, ପି-ଶକ୍ତି ରାଉତ, ଚନ୍ଦ୍ରମା କୁଡ଼ିଆ, ଅମୃତ କୁଡ଼ିଆ, ଲକ୍ଷ୍ମୀ ରାଉତ, ପି-ରତ୍ନାକର ରାଉତ, ବେଣୁ ରାଉତ, ନାରାୟଣ ରାଉତ, ରାମଚନ୍ଦ୍ର ରାଉତ, ପି-ଭଗ ରାଉତ, ଜା-ଗୋପାଳ, ଗ୍ରା-ନିଜଗାଁ
	ପିଚିଁ	୪୬୨	ବେସରକାରୀ	ତଳଲା-୧	୦.୦୩୦	ଶ୍ରୀବତ୍ସ ଆଚାର୍ଯ୍ୟ, ପି-କାଳକ୍ରୀ ଆଚାର୍ଯ୍ୟ, ଜା-ବ୍ରାହ୍ମଣ ଗ୍ରାମ କୁଳଚଳେଶ୍ୱର
	ପିଚିଁ	୪୬୩	ବେସରକାରୀ	ତଳଲା-୧	୦.୦୩୦	ଶ୍ରୀବତ୍ସ ଆଚାର୍ଯ୍ୟ, ପି-କାଳକ୍ରୀ ଆଚାର୍ଯ୍ୟ, ଜା-ବ୍ରାହ୍ମଣ ଗ୍ରାମ କୁଳଚଳେଶ୍ୱର
	ପିଚିଁ	୪୬୪	ବେସରକାରୀ	ଶାରଦ-୩	୦.୦୨୦	ଶ୍ରୀବତ୍ସ ଆଚାର୍ଯ୍ୟ, ପି-କାଳକ୍ରୀ ଆଚାର୍ଯ୍ୟ, ଜା-ବ୍ରାହ୍ମଣ ଗ୍ରାମ କୁଳଚଳେଶ୍ୱର
	ପିଚିଁ	୪୬୫	ବେସରକାରୀ	ଶାରଦ-୩	୦.୦୨୦	ଶ୍ରୀବତ୍ସ ଆଚାର୍ଯ୍ୟ, ପି-କାଳକ୍ରୀ ଆଚାର୍ଯ୍ୟ, ଜା-ବ୍ରାହ୍ମଣ ଗ୍ରାମ କୁଳଚଳେଶ୍ୱର
	ପିଚିଁ	୪୬୬	ବେସରକାରୀ	ଶାରଦ-୩	୦.୦୨୦	ପଣ୍ଡୁ ରାଉତ, ସୁରେଶ ରାଉତ, ଜୁନା ରାଉତ, ନିମିଷା ରାଉତ, ବାମା ରାଉତ, ପି-ଶିଶୁ ରାଉତ, କୋକିଳ ରାଉତ, ପି-ଜଳେଶ୍ୱର ରାଉତ, ଜା-ଗୋପାଳ, ଗ୍ରା-ନିଜଗାଁ
	ପିଚିଁ	୪୬୭	ବେସରକାରୀ	ଶାରଦ-୩	୦.୦୬୦	ପଣ୍ଡୁ ରାଉତ, ସୁରେଶ ରାଉତ, ଜୁନା ରାଉତ, ନିମିଷା ରାଉତ, ବାମା ରାଉତ, ପି-ଶିଶୁ ରାଉତ, କୋକିଳ ରାଉତ, ପି-ଜଳେଶ୍ୱର ରାଉତ, ଜା-ଗୋପାଳ, ଗ୍ରା-ନିଜଗାଁ
	ପିଚିଁ	୪୬୮	ବେସରକାରୀ	ପଡ଼ିଆ	୦.୦୬୦	ନିରାଞ୍ଜନ ରାଉତ, ପି-ନର ରାଉତ, ଜା-ଗୋପାଳ, ଗ୍ରା-ନିଜଗାଁ
	ପିଚିଁ	୪୭୯	ବେସରକାରୀ	ଶାରଦ - ୩	୦.୦୩୦	ପ୍ରଭାସ କୁଡ଼ିଆ, ପି-ରଘୁ କୁଡ଼ିଆ, ଜା-ଗୋପାଳ, ଗ୍ରା-ନିଜଗାଁ
	ପିଚିଁ	୪୮୦	ବେସରକାରୀ	ଶାରଦ - ୩	୦.୦୨୦	ବେଣୁଧର ରାଉତ, ପି-ମଧୁ ରାଉତ, ଜା-ଗୋପାଳ, ଗ୍ରା-ନିଜଗାଁ
	ପିଚିଁ	୪୮୧	ବେସରକାରୀ	ଶାରଦ - ୩	୦.୦୩୦	ଇଶ୍ୱରଦ ରାଉତ, ପି-କାଳିଆ ରାଉତ, ଜା-ଗୋପାଳ, ଗ୍ରା-ନିଜଗାଁ
	ପିଚିଁ	୪୮୨	ବେସରକାରୀ	ଶାରଦ - ୩	୦.୦୫୦	କର୍ଣ୍ଣ ରାଉତ, କୈଳାସ ରାଉତ, ମଧୁ ରାଉତ, ପ୍ରଫୁଲ୍ଲ ରାଉତ, ପି-ଶକ୍ତି ରାଉତ, ଚନ୍ଦ୍ରମା କୁଡ଼ିଆ, ଅମୃତ କୁଡ଼ିଆ, ଲକ୍ଷ୍ମୀ ରାଉତ, ପି-ରତ୍ନାକର ରାଉତ, ବେଣୁ ରାଉତ, ନାରାୟଣ ରାଉତ, ରାମଚନ୍ଦ୍ର ରାଉତ, ପି-ଭଗ ରାଉତ, ଜା-ଗୋପାଳ, ଗ୍ରା-ନିଜଗାଁ
(See Next Pg.)
